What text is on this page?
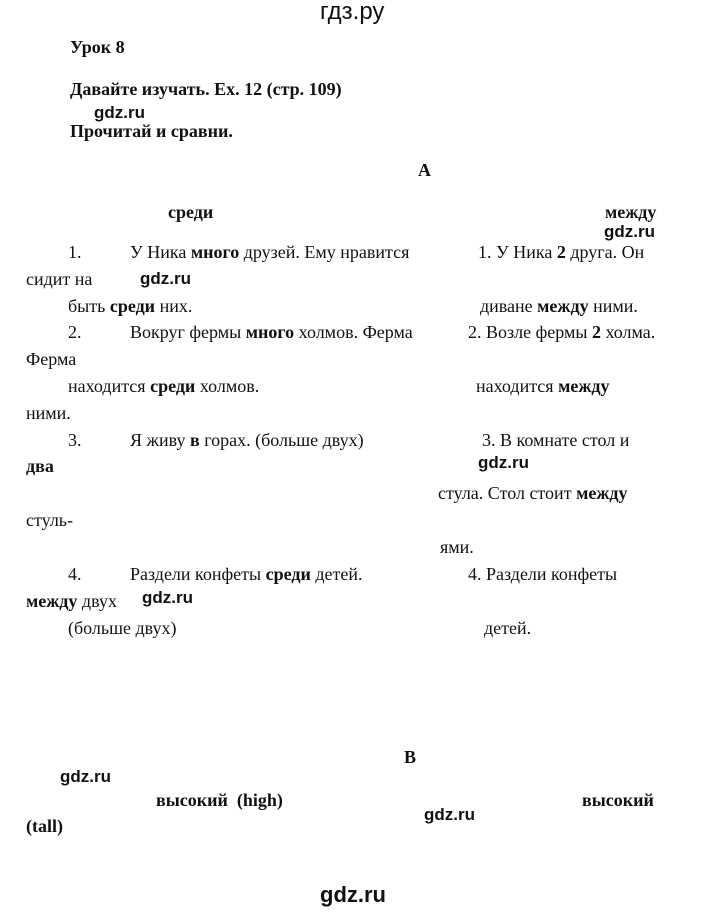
гдз.ру
Урок 8
Давайте изучать. Ex. 12 (стр. 109)
gdz.ru
Прочитай и сравни.
А
среди	между
gdz.ru
1.	У Ника много друзей. Ему нравится	1. У Ника 2 друга. Он
сидит на	gdz.ru
быть среди них.	диване между ними.
2.	Вокруг фермы много холмов. Ферма	2. Возле фермы 2 холма.
Ферма
находится среди холмов.	находится между
ними.
3.	Я живу в горах. (больше двух)	3. В комнате стол и
два	gdz.ru
стула. Стол стоит между
стуль-
ями.
4.	Раздели конфеты среди детей.	4. Раздели конфеты
между двух gdz.ru
(больше двух)	детей.
В
gdz.ru
высокий  (high)	высокий
gdz.ru
(tall)
gdz.ru
